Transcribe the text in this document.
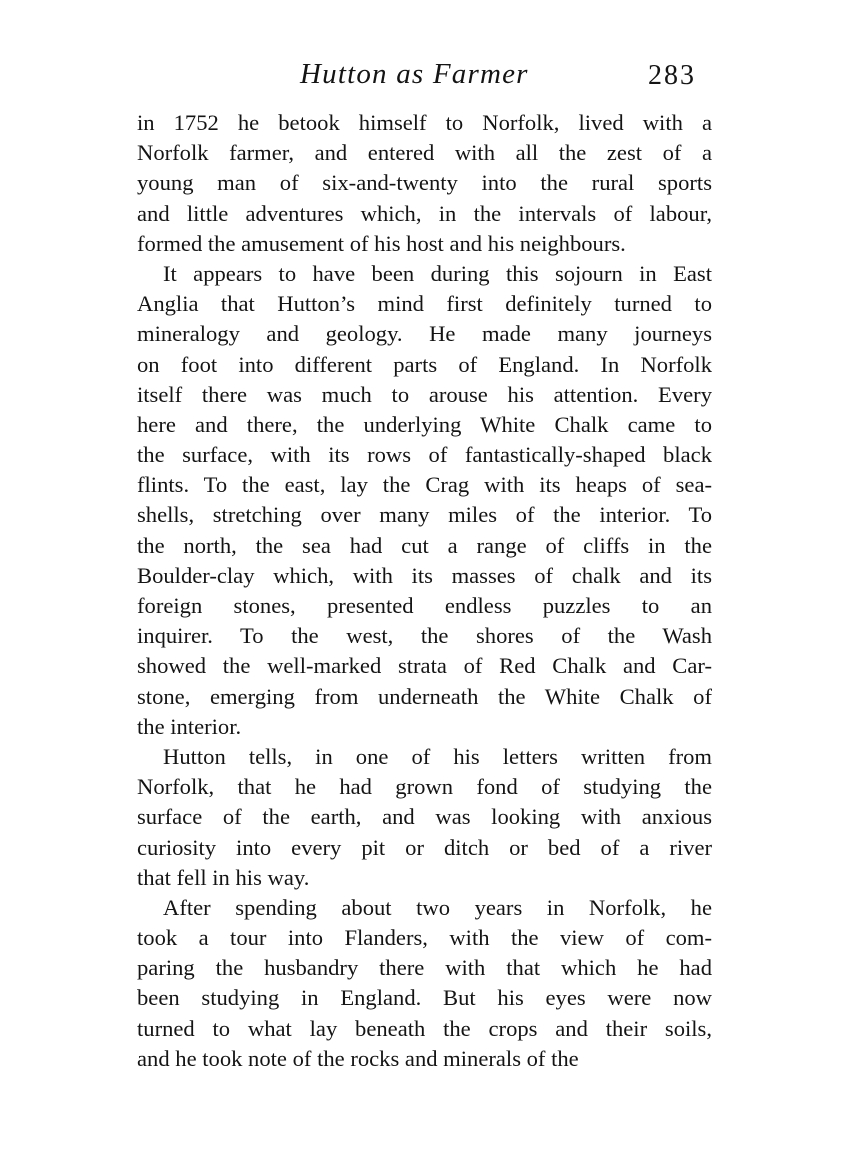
Hutton as Farmer	283
in 1752 he betook himself to Norfolk, lived with a
Norfolk farmer, and entered with all the zest of a
young man of six-and-twenty into the rural sports
and little adventures which, in the intervals of labour,
formed the amusement of his host and his neighbours.
It appears to have been during this sojourn in East
Anglia that Hutton’s mind first definitely turned to
mineralogy and geology. He made many journeys
on foot into different parts of England. In Norfolk
itself there was much to arouse his attention. Every
here and there, the underlying White Chalk came to
the surface, with its rows of fantastically-shaped black
flints. To the east, lay the Crag with its heaps of sea-
shells, stretching over many miles of the interior. To
the north, the sea had cut a range of cliffs in the
Boulder-clay which, with its masses of chalk and its
foreign stones, presented endless puzzles to an
inquirer. To the west, the shores of the Wash
showed the well-marked strata of Red Chalk and Car-
stone, emerging from underneath the White Chalk of
the interior.
Hutton tells, in one of his letters written from
Norfolk, that he had grown fond of studying the
surface of the earth, and was looking with anxious
curiosity into every pit or ditch or bed of a river
that fell in his way.
After spending about two years in Norfolk, he
took a tour into Flanders, with the view of com-
paring the husbandry there with that which he had
been studying in England. But his eyes were now
turned to what lay beneath the crops and their soils,
and he took note of the rocks and minerals of the
